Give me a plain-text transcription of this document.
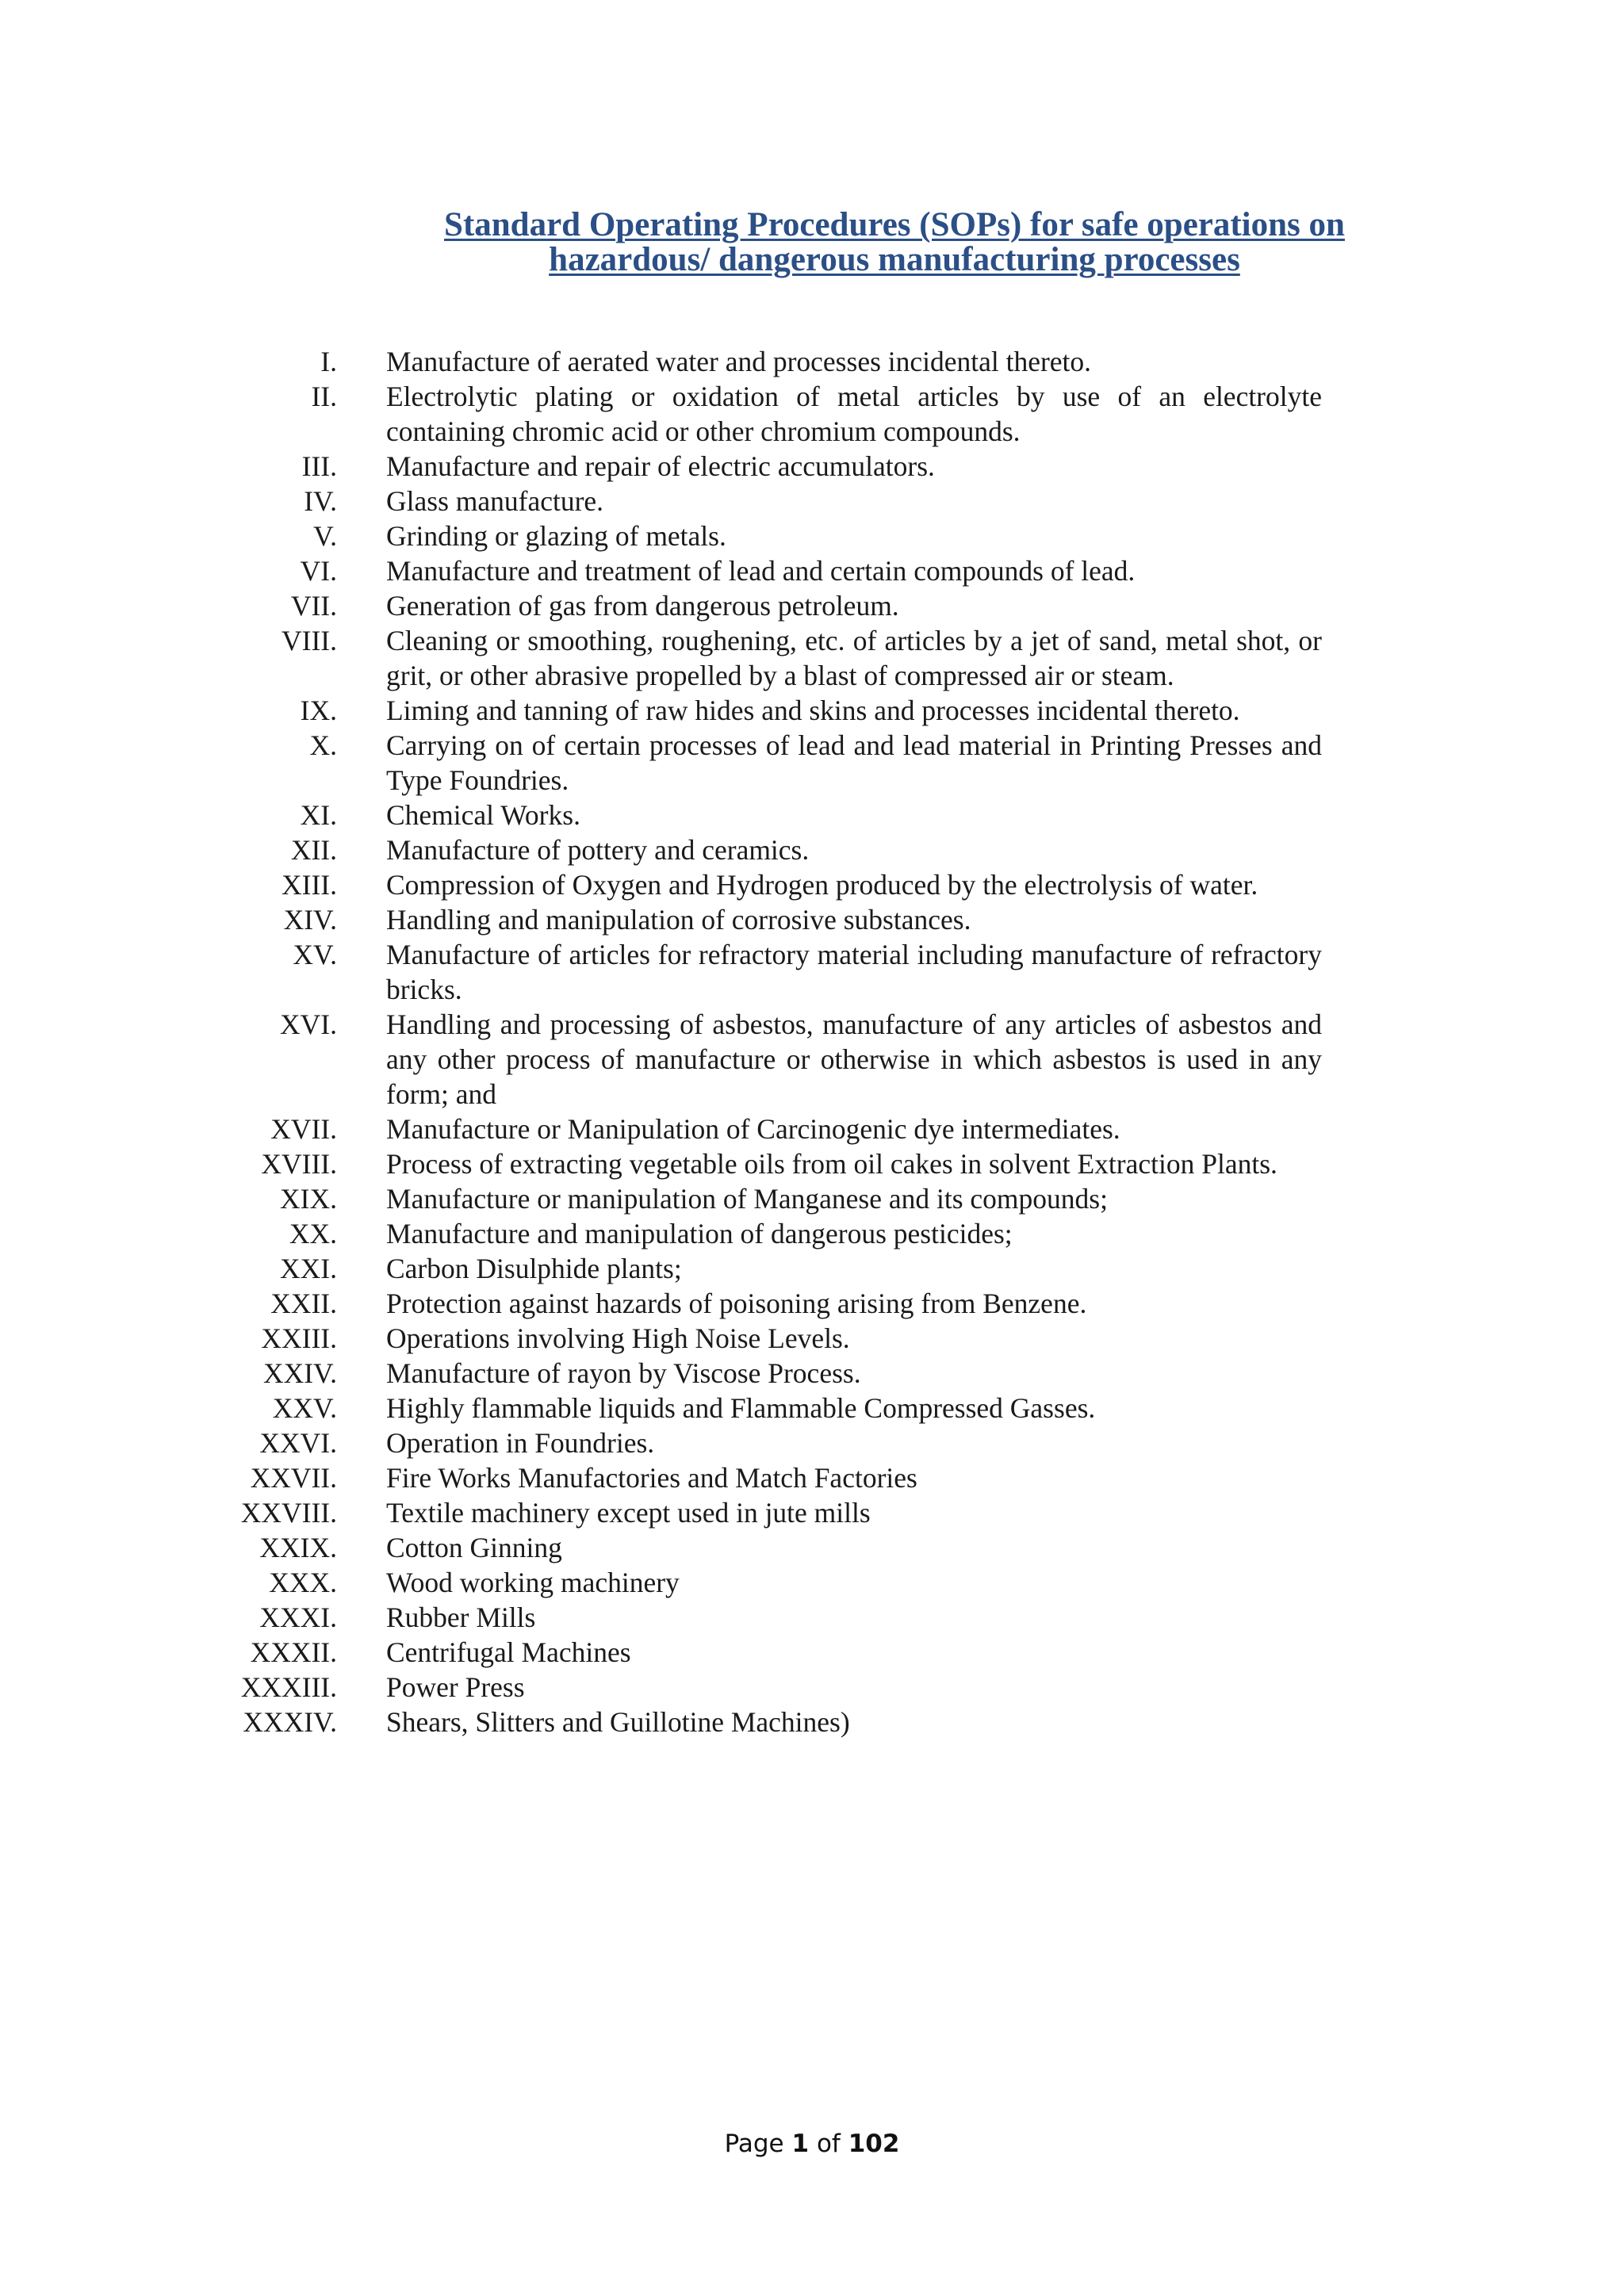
Standard Operating Procedures (SOPs) for safe operations on
hazardous/ dangerous manufacturing processes
I. Manufacture of aerated water and processes incidental thereto.
II. Electrolytic plating or oxidation of metal articles by use of an electrolyte containing chromic acid or other chromium compounds.
III. Manufacture and repair of electric accumulators.
IV. Glass manufacture.
V. Grinding or glazing of metals.
VI. Manufacture and treatment of lead and certain compounds of lead.
VII. Generation of gas from dangerous petroleum.
VIII. Cleaning or smoothing, roughening, etc. of articles by a jet of sand, metal shot, or grit, or other abrasive propelled by a blast of compressed air or steam.
IX. Liming and tanning of raw hides and skins and processes incidental thereto.
X. Carrying on of certain processes of lead and lead material in Printing Presses and Type Foundries.
XI. Chemical Works.
XII. Manufacture of pottery and ceramics.
XIII. Compression of Oxygen and Hydrogen produced by the electrolysis of water.
XIV. Handling and manipulation of corrosive substances.
XV. Manufacture of articles for refractory material including manufacture of refractory bricks.
XVI. Handling and processing of asbestos, manufacture of any articles of asbestos and any other process of manufacture or otherwise in which asbestos is used in any form; and
XVII. Manufacture or Manipulation of Carcinogenic dye intermediates.
XVIII. Process of extracting vegetable oils from oil cakes in solvent Extraction Plants.
XIX. Manufacture or manipulation of Manganese and its compounds;
XX. Manufacture and manipulation of dangerous pesticides;
XXI. Carbon Disulphide plants;
XXII. Protection against hazards of poisoning arising from Benzene.
XXIII. Operations involving High Noise Levels.
XXIV. Manufacture of rayon by Viscose Process.
XXV. Highly flammable liquids and Flammable Compressed Gasses.
XXVI. Operation in Foundries.
XXVII. Fire Works Manufactories and Match Factories
XXVIII. Textile machinery except used in jute mills
XXIX. Cotton Ginning
XXX. Wood working machinery
XXXI. Rubber Mills
XXXII. Centrifugal Machines
XXXIII. Power Press
XXXIV. Shears, Slitters and Guillotine Machines)
Page 1 of 102
